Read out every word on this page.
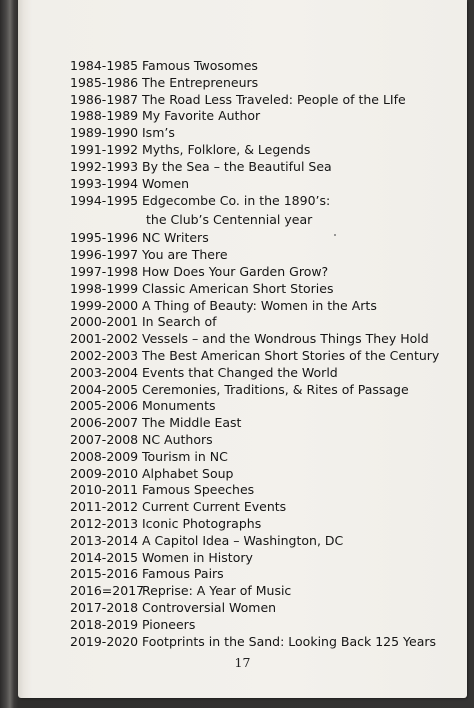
1984-1985 Famous Twosomes
1985-1986 The Entrepreneurs
1986-1987 The Road Less Traveled: People of the LIfe
1988-1989 My Favorite Author
1989-1990 Ism’s
1991-1992 Myths, Folklore, & Legends
1992-1993 By the Sea – the Beautiful Sea
1993-1994 Women
1994-1995 Edgecombe Co. in the 1890’s:
the Club’s Centennial year
1995-1996 NC Writers
1996-1997 You are There
1997-1998 How Does Your Garden Grow?
1998-1999 Classic American Short Stories
1999-2000 A Thing of Beauty: Women in the Arts
2000-2001 In Search of
2001-2002 Vessels – and the Wondrous Things They Hold
2002-2003 The Best American Short Stories of the Century
2003-2004 Events that Changed the World
2004-2005 Ceremonies, Traditions, & Rites of Passage
2005-2006 Monuments
2006-2007 The Middle East
2007-2008 NC Authors
2008-2009 Tourism in NC
2009-2010 Alphabet Soup
2010-2011 Famous Speeches
2011-2012 Current Current Events
2012-2013 Iconic Photographs
2013-2014 A Capitol Idea – Washington, DC
2014-2015 Women in History
2015-2016 Famous Pairs
2016=2017
Reprise: A Year of Music
2017-2018 Controversial Women
2018-2019 Pioneers
2019-2020 Footprints in the Sand: Looking Back 125 Years
17
